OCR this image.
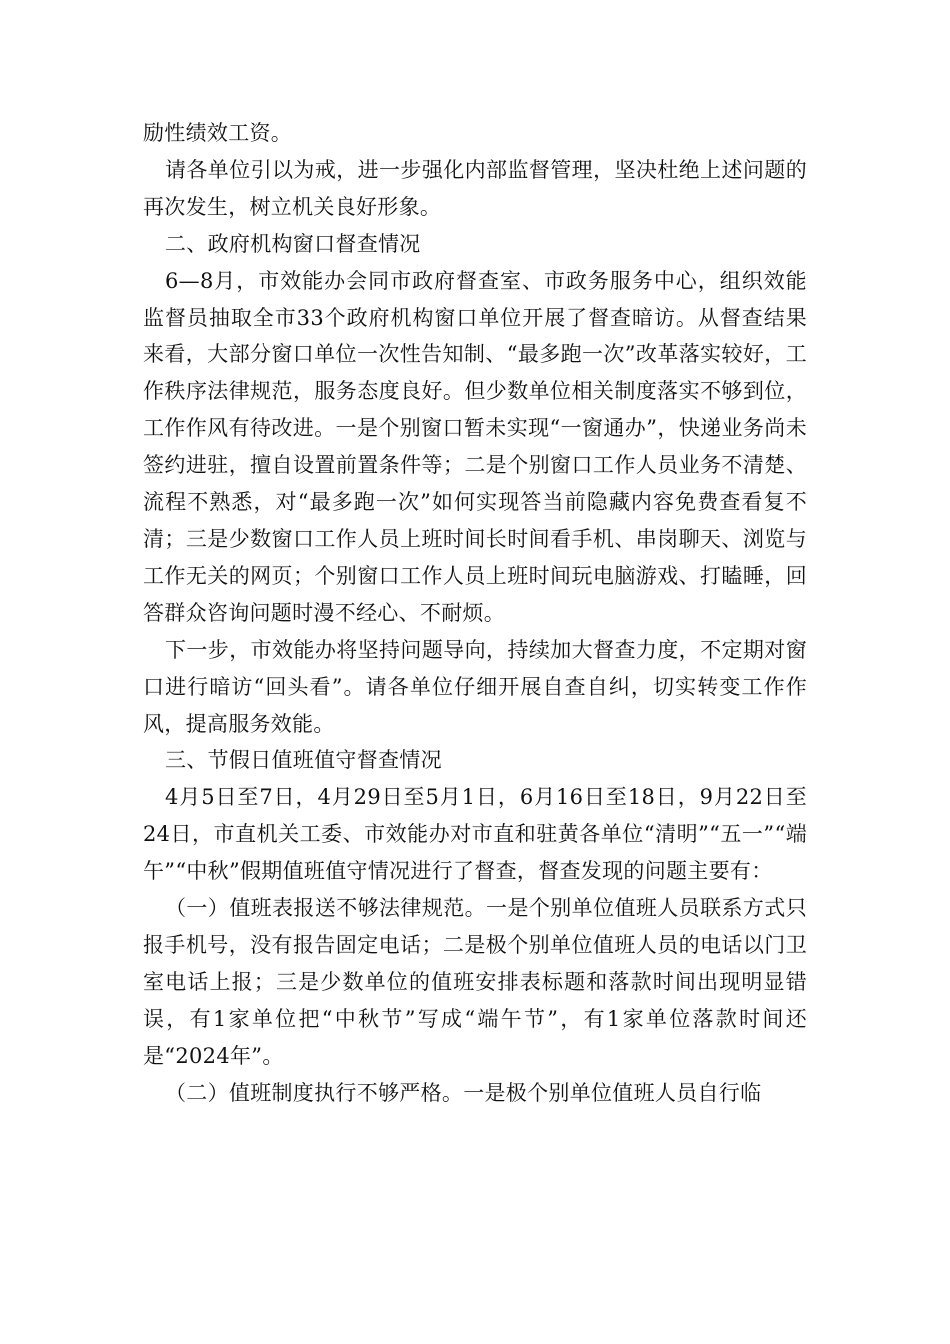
励性绩效工资。

请各单位引以为戒，进一步强化内部监督管理，坚决杜绝上述问题的再次发生，树立机关良好形象。

二、政府机构窗口督查情况

6—8月，市效能办会同市政府督查室、市政务服务中心，组织效能监督员抽取全市33个政府机构窗口单位开展了督查暗访。从督查结果来看，大部分窗口单位一次性告知制、“最多跑一次”改革落实较好，工作秩序法律规范，服务态度良好。但少数单位相关制度落实不够到位，工作作风有待改进。一是个别窗口暂未实现“一窗通办”，快递业务尚未签约进驻，擅自设置前置条件等；二是个别窗口工作人员业务不清楚、流程不熟悉，对“最多跑一次”如何实现答当前隐藏内容免费查看复不清；三是少数窗口工作人员上班时间长时间看手机、串岗聊天、浏览与工作无关的网页；个别窗口工作人员上班时间玩电脑游戏、打瞌睡，回答群众咨询问题时漫不经心、不耐烦。

下一步，市效能办将坚持问题导向，持续加大督查力度，不定期对窗口进行暗访“回头看”。请各单位仔细开展自查自纠，切实转变工作作风，提高服务效能。

三、节假日值班值守督查情况

4月5日至7日，4月29日至5月1日，6月16日至18日，9月22日至24日，市直机关工委、市效能办对市直和驻黄各单位“清明”“五一”“端午”“中秋”假期值班值守情况进行了督查，督查发现的问题主要有：

（一）值班表报送不够法律规范。一是个别单位值班人员联系方式只报手机号，没有报告固定电话；二是极个别单位值班人员的电话以门卫室电话上报；三是少数单位的值班安排表标题和落款时间出现明显错误，有1家单位把“中秋节”写成“端午节”，有1家单位落款时间还是“2024年”。

（二）值班制度执行不够严格。一是极个别单位值班人员自行临
